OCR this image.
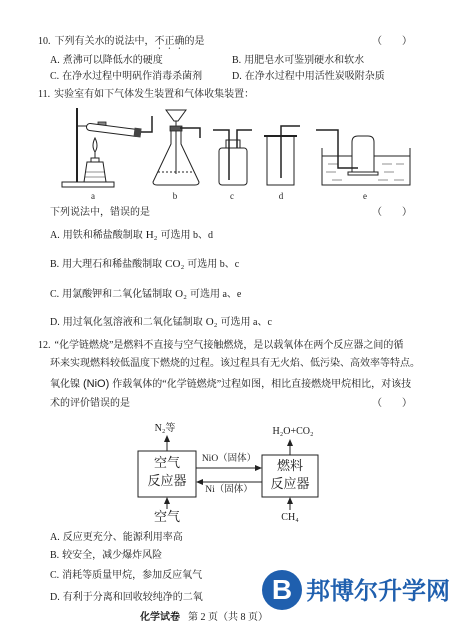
10. 下列有关水的说法中，不正确的是	（　　）
A. 煮沸可以降低水的硬度	B. 用肥皂水可鉴别硬水和软水
C. 在净水过程中明矾作消毒杀菌剂	D. 在净水过程中用活性炭吸附杂质
11. 实验室有如下气体发生装置和气体收集装置：
a	b	c	d	e
下列说法中，错误的是	（　　）
A. 用铁和稀盐酸制取 H₂ 可选用 b、d
B. 用大理石和稀盐酸制取 CO₂ 可选用 b、c
C. 用氯酸钾和二氧化锰制取 O₂ 可选用 a、e
D. 用过氧化氢溶液和二氧化锰制取 O₂ 可选用 a、c
12. “化学链燃烧”是燃料不直接与空气接触燃烧，是以载氧体在两个反应器之间的循
环来实现燃料较低温度下燃烧的过程。该过程具有无火焰、低污染、高效率等特点。
氧化镍 (NiO) 作载氧体的“化学链燃烧”过程如图，相比直接燃烧甲烷相比，对该技
术的评价错误的是	（　　）
N₂等	H₂O+CO₂
空气
反应器
燃料
反应器
NiO（固体）
Ni（固体）
空气	CH₄
A. 反应更充分、能源利用率高
B. 较安全，减少爆炸风险
C. 消耗等质量甲烷，参加反应氧气
D. 有利于分离和回收较纯净的二氧
化学试卷 第 2 页（共 8 页）
B 邦博尔升学网
